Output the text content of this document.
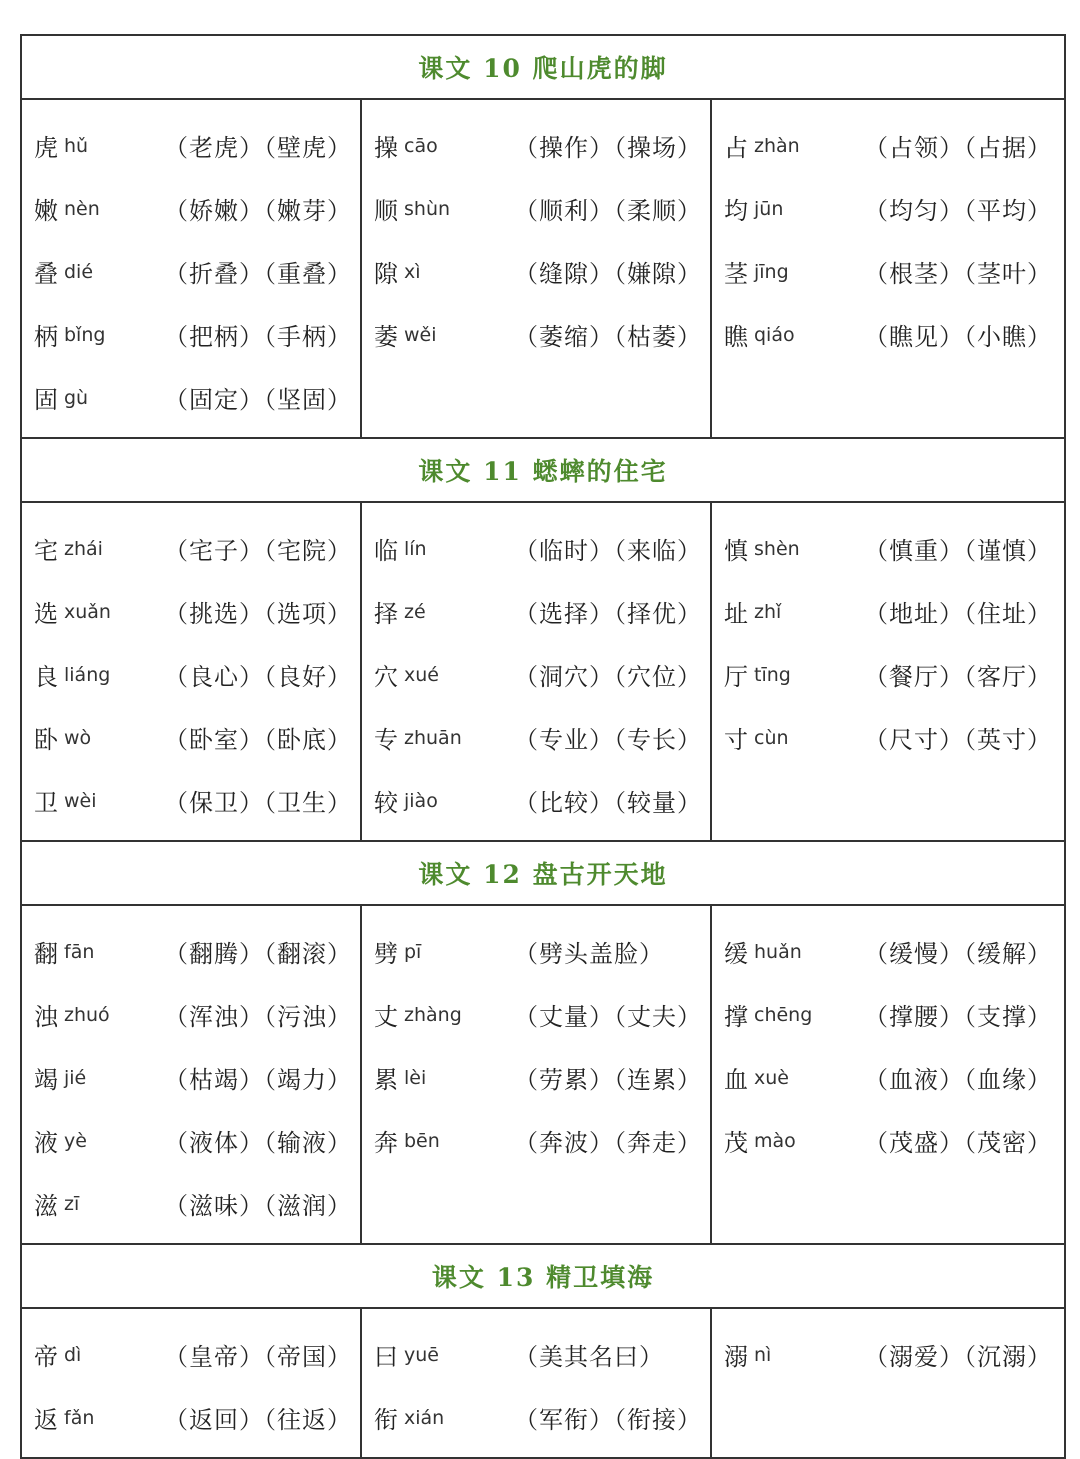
课文 10 爬山虎的脚
虎 hǔ	（老虎）（壁虎）
嫩 nèn	（娇嫩）（嫩芽）
叠 dié	（折叠）（重叠）
柄 bǐng	（把柄）（手柄）
固 gù	（固定）（坚固）
操 cāo	（操作）（操场）
顺 shùn	（顺利）（柔顺）
隙 xì	（缝隙）（嫌隙）
萎 wěi	（萎缩）（枯萎）
占 zhàn	（占领）（占据）
均 jūn	（均匀）（平均）
茎 jīng	（根茎）（茎叶）
瞧 qiáo	（瞧见）（小瞧）
课文 11 蟋蟀的住宅
宅 zhái	（宅子）（宅院）
选 xuǎn	（挑选）（选项）
良 liáng	（良心）（良好）
卧 wò	（卧室）（卧底）
卫 wèi	（保卫）（卫生）
临 lín	（临时）（来临）
择 zé	（选择）（择优）
穴 xué	（洞穴）（穴位）
专 zhuān	（专业）（专长）
较 jiào	（比较）（较量）
慎 shèn	（慎重）（谨慎）
址 zhǐ	（地址）（住址）
厅 tīng	（餐厅）（客厅）
寸 cùn	（尺寸）（英寸）
课文 12 盘古开天地
翻 fān	（翻腾）（翻滚）
浊 zhuó	（浑浊）（污浊）
竭 jié	（枯竭）（竭力）
液 yè	（液体）（输液）
滋 zī	（滋味）（滋润）
劈 pī	（劈头盖脸）
丈 zhàng	（丈量）（丈夫）
累 lèi	（劳累）（连累）
奔 bēn	（奔波）（奔走）
缓 huǎn	（缓慢）（缓解）
撑 chēng	（撑腰）（支撑）
血 xuè	（血液）（血缘）
茂 mào	（茂盛）（茂密）
课文 13 精卫填海
帝 dì	（皇帝）（帝国）
返 fǎn	（返回）（往返）
曰 yuē	（美其名曰）
衔 xián	（军衔）（衔接）
溺 nì	（溺爱）（沉溺）
